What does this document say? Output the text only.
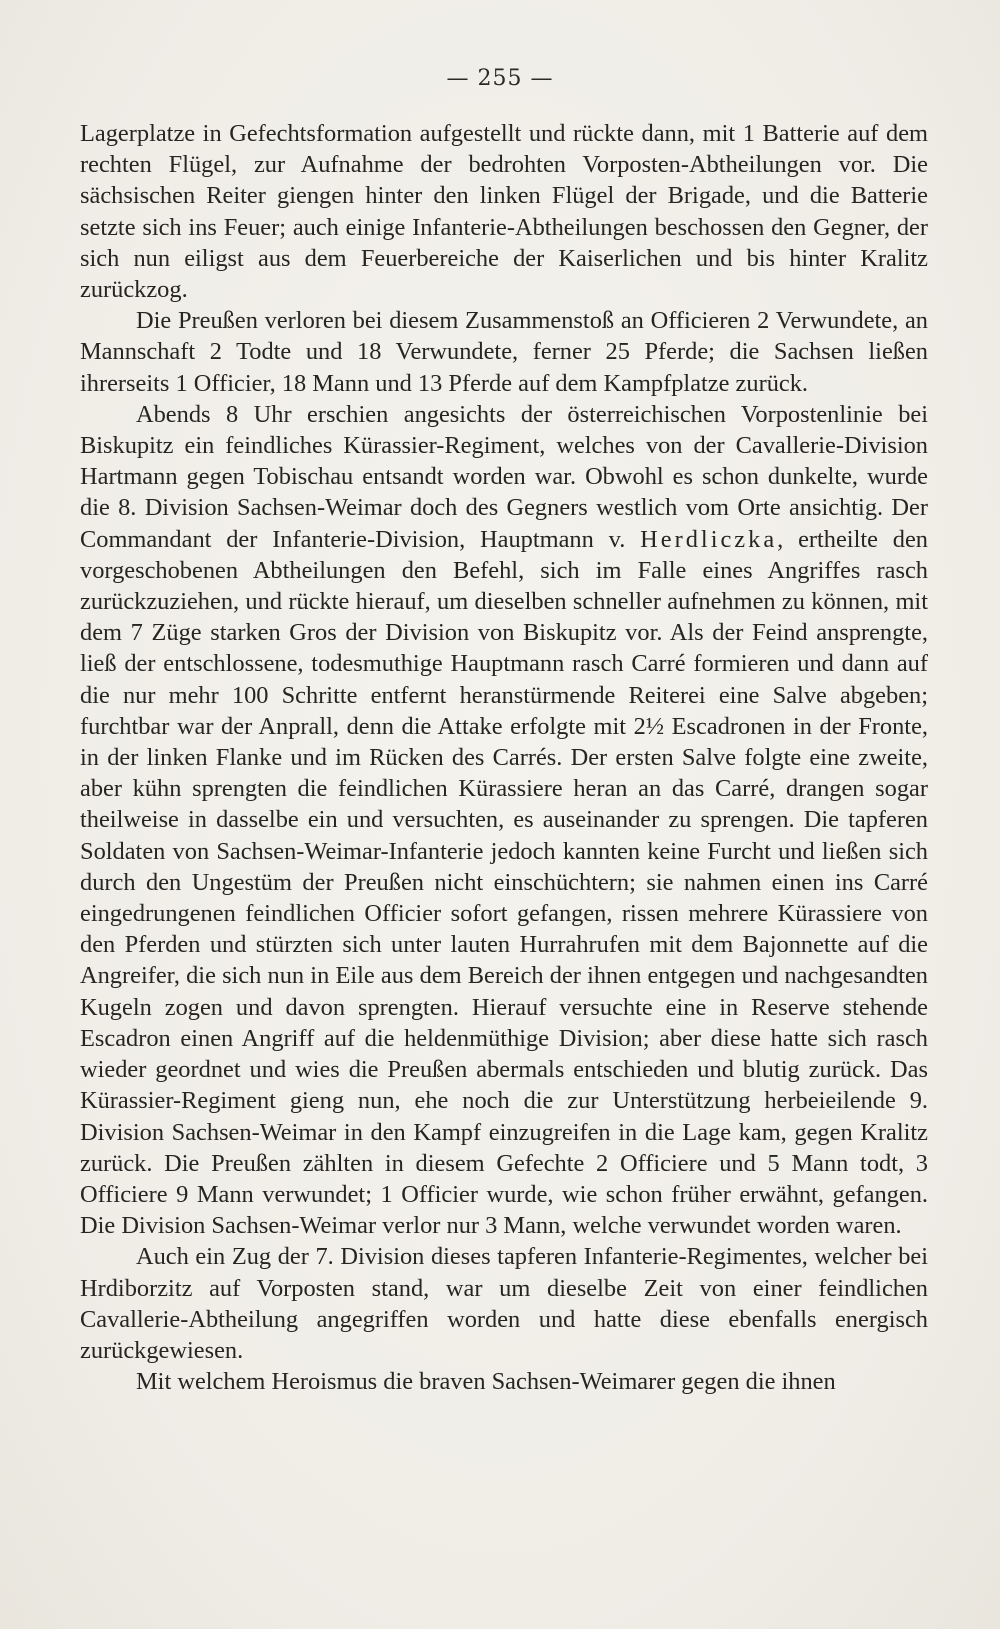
— 255 —

Lagerplatze in Gefechtsformation aufgestellt und rückte dann, mit 1 Batterie auf dem rechten Flügel, zur Aufnahme der bedrohten Vorposten-Abtheilungen vor. Die sächsischen Reiter giengen hinter den linken Flügel der Brigade, und die Batterie setzte sich ins Feuer; auch einige Infanterie-Abtheilungen beschossen den Gegner, der sich nun eiligst aus dem Feuerbereiche der Kaiserlichen und bis hinter Kralitz zurückzog.

Die Preußen verloren bei diesem Zusammenstoß an Officieren 2 Verwundete, an Mannschaft 2 Todte und 18 Verwundete, ferner 25 Pferde; die Sachsen ließen ihrerseits 1 Officier, 18 Mann und 13 Pferde auf dem Kampfplatze zurück.

Abends 8 Uhr erschien angesichts der österreichischen Vorpostenlinie bei Biskupitz ein feindliches Kürassier-Regiment, welches von der Cavallerie-Division Hartmann gegen Tobischau entsandt worden war. Obwohl es schon dunkelte, wurde die 8. Division Sachsen-Weimar doch des Gegners westlich vom Orte ansichtig. Der Commandant der Infanterie-Division, Hauptmann v. Herdliczka, ertheilte den vorgeschobenen Abtheilungen den Befehl, sich im Falle eines Angriffes rasch zurückzuziehen, und rückte hierauf, um dieselben schneller aufnehmen zu können, mit dem 7 Züge starken Gros der Division von Biskupitz vor. Als der Feind ansprengte, ließ der entschlossene, todesmuthige Hauptmann rasch Carré formieren und dann auf die nur mehr 100 Schritte entfernt heranstürmende Reiterei eine Salve abgeben; furchtbar war der Anprall, denn die Attake erfolgte mit 2½ Escadronen in der Fronte, in der linken Flanke und im Rücken des Carrés. Der ersten Salve folgte eine zweite, aber kühn sprengten die feindlichen Kürassiere heran an das Carré, drangen sogar theilweise in dasselbe ein und versuchten, es auseinander zu sprengen. Die tapferen Soldaten von Sachsen-Weimar-Infanterie jedoch kannten keine Furcht und ließen sich durch den Ungestüm der Preußen nicht einschüchtern; sie nahmen einen ins Carré eingedrungenen feindlichen Officier sofort gefangen, rissen mehrere Kürassiere von den Pferden und stürzten sich unter lauten Hurrahrufen mit dem Bajonnette auf die Angreifer, die sich nun in Eile aus dem Bereich der ihnen entgegen und nachgesandten Kugeln zogen und davon sprengten. Hierauf versuchte eine in Reserve stehende Escadron einen Angriff auf die heldenmüthige Division; aber diese hatte sich rasch wieder geordnet und wies die Preußen abermals entschieden und blutig zurück. Das Kürassier-Regiment gieng nun, ehe noch die zur Unterstützung herbeieilende 9. Division Sachsen-Weimar in den Kampf einzugreifen in die Lage kam, gegen Kralitz zurück. Die Preußen zählten in diesem Gefechte 2 Officiere und 5 Mann todt, 3 Officiere 9 Mann verwundet; 1 Officier wurde, wie schon früher erwähnt, gefangen. Die Division Sachsen-Weimar verlor nur 3 Mann, welche verwundet worden waren.

Auch ein Zug der 7. Division dieses tapferen Infanterie-Regimentes, welcher bei Hrdiborzitz auf Vorposten stand, war um dieselbe Zeit von einer feindlichen Cavallerie-Abtheilung angegriffen worden und hatte diese ebenfalls energisch zurückgewiesen.

Mit welchem Heroismus die braven Sachsen-Weimarer gegen die ihnen
